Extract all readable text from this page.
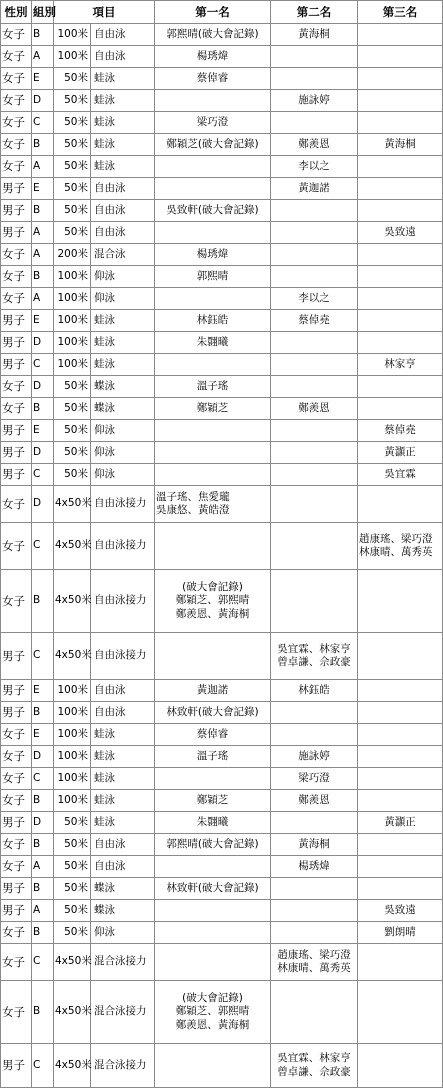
性別	組別	項目		第一名	第二名	第三名
女子	B	100米	自由泳	郭熙晴(破大會記錄)	黃海桐	
女子	A	100米	自由泳	楊琇煒		
女子	E	50米	蛙泳	蔡倬睿		
女子	D	50米	蛙泳		施詠婷	
女子	C	50米	蛙泳	梁巧澄		
女子	B	50米	蛙泳	鄭穎芝(破大會記錄)	鄭羨恩	黃海桐
女子	A	50米	蛙泳		李以之	
男子	E	50米	自由泳		黃迦諾	
男子	B	50米	自由泳	吳致軒(破大會記錄)		
男子	A	50米	自由泳			吳致遠
女子	A	200米	混合泳	楊琇煒		
女子	B	100米	仰泳	郭熙晴		
女子	A	100米	仰泳		李以之	
男子	E	100米	蛙泳	林鈺皓	蔡倬堯	
男子	D	100米	蛙泳	朱翾曦		
男子	C	100米	蛙泳			林家亨
女子	D	50米	蝶泳	溫子瑤		
女子	B	50米	蝶泳	鄭穎芝	鄭羨恩	
男子	E	50米	仰泳			蔡倬堯
男子	D	50米	仰泳			黃灝正
男子	C	50米	仰泳			吳宜霖
女子	D	4x50米	自由泳接力	溫子瑤、焦愛瓏
吳康悠、黃皓澄		
女子	C	4x50米	自由泳接力			趙康瑤、梁巧澄
林康晴、萬秀英
女子	B	4x50米	自由泳接力	(破大會記錄)
鄭穎芝、郭熙晴
鄭羨恩、黃海桐		
男子	C	4x50米	自由泳接力		吳宜霖、林家亨
曾卓謙、佘政豪	
男子	E	100米	自由泳	黃迦諾	林鈺皓	
男子	B	100米	自由泳	林致軒(破大會記錄)		
女子	E	100米	蛙泳	蔡倬睿		
女子	D	100米	蛙泳	溫子瑤	施詠婷	
女子	C	100米	蛙泳		梁巧澄	
女子	B	100米	蛙泳	鄭穎芝	鄭羨恩	
男子	D	50米	蛙泳	朱翾曦		黃灝正
女子	B	50米	自由泳	郭熙晴(破大會記錄)	黃海桐	
女子	A	50米	自由泳		楊琇煒	
男子	B	50米	蝶泳	林致軒(破大會記錄)		
男子	A	50米	蝶泳			吳致遠
女子	B	50米	仰泳			劉朗晴
女子	C	4x50米	混合泳接力		趙康瑤、梁巧澄
林康晴、萬秀英	
女子	B	4x50米	混合泳接力	(破大會記錄)
鄭穎芝、郭熙晴
鄭羨恩、黃海桐		
男子	C	4x50米	混合泳接力		吳宜霖、林家亨
曾卓謙、佘政豪	
